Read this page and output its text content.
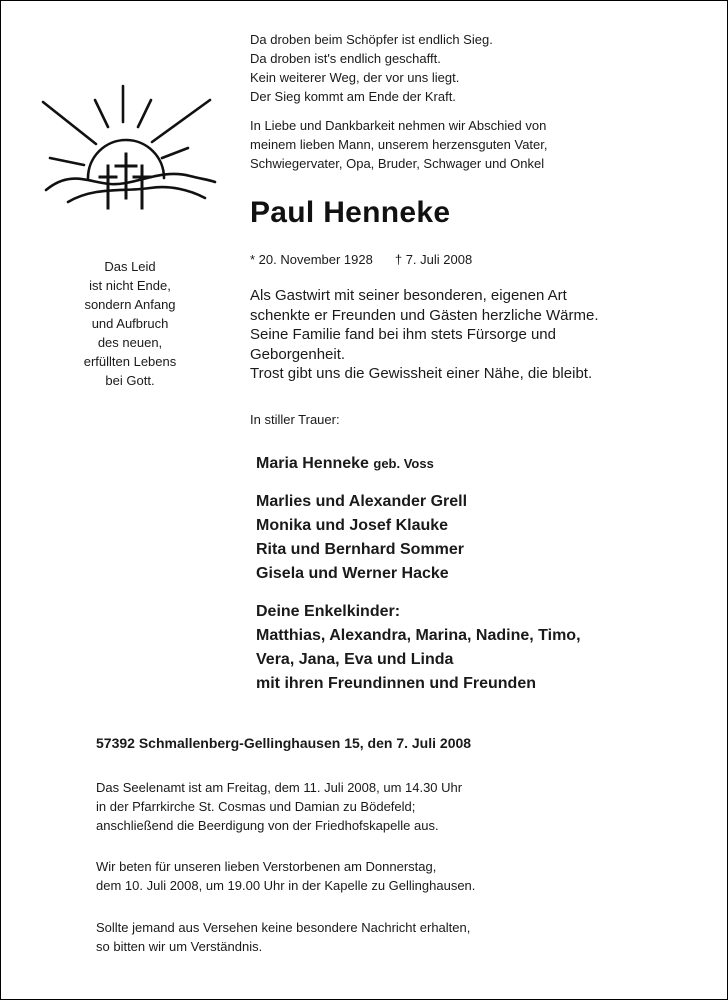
Da droben beim Schöpfer ist endlich Sieg.
Da droben ist's endlich geschafft.
Kein weiterer Weg, der vor uns liegt.
Der Sieg kommt am Ende der Kraft.
In Liebe und Dankbarkeit nehmen wir Abschied von
meinem lieben Mann, unserem herzensguten Vater,
Schwiegervater, Opa, Bruder, Schwager und Onkel
Paul Henneke
* 20. November 1928 † 7. Juli 2008
Das Leid
ist nicht Ende,
sondern Anfang
und Aufbruch
des neuen,
erfüllten Lebens
bei Gott.
Als Gastwirt mit seiner besonderen, eigenen Art
schenkte er Freunden und Gästen herzliche Wärme.
Seine Familie fand bei ihm stets Fürsorge und
Geborgenheit.
Trost gibt uns die Gewissheit einer Nähe, die bleibt.
In stiller Trauer:
Maria Henneke geb. Voss
Marlies und Alexander Grell
Monika und Josef Klauke
Rita und Bernhard Sommer
Gisela und Werner Hacke
Deine Enkelkinder:
Matthias, Alexandra, Marina, Nadine, Timo,
Vera, Jana, Eva und Linda
mit ihren Freundinnen und Freunden
57392 Schmallenberg-Gellinghausen 15, den 7. Juli 2008
Das Seelenamt ist am Freitag, dem 11. Juli 2008, um 14.30 Uhr
in der Pfarrkirche St. Cosmas und Damian zu Bödefeld;
anschließend die Beerdigung von der Friedhofskapelle aus.
Wir beten für unseren lieben Verstorbenen am Donnerstag,
dem 10. Juli 2008, um 19.00 Uhr in der Kapelle zu Gellinghausen.
Sollte jemand aus Versehen keine besondere Nachricht erhalten,
so bitten wir um Verständnis.
